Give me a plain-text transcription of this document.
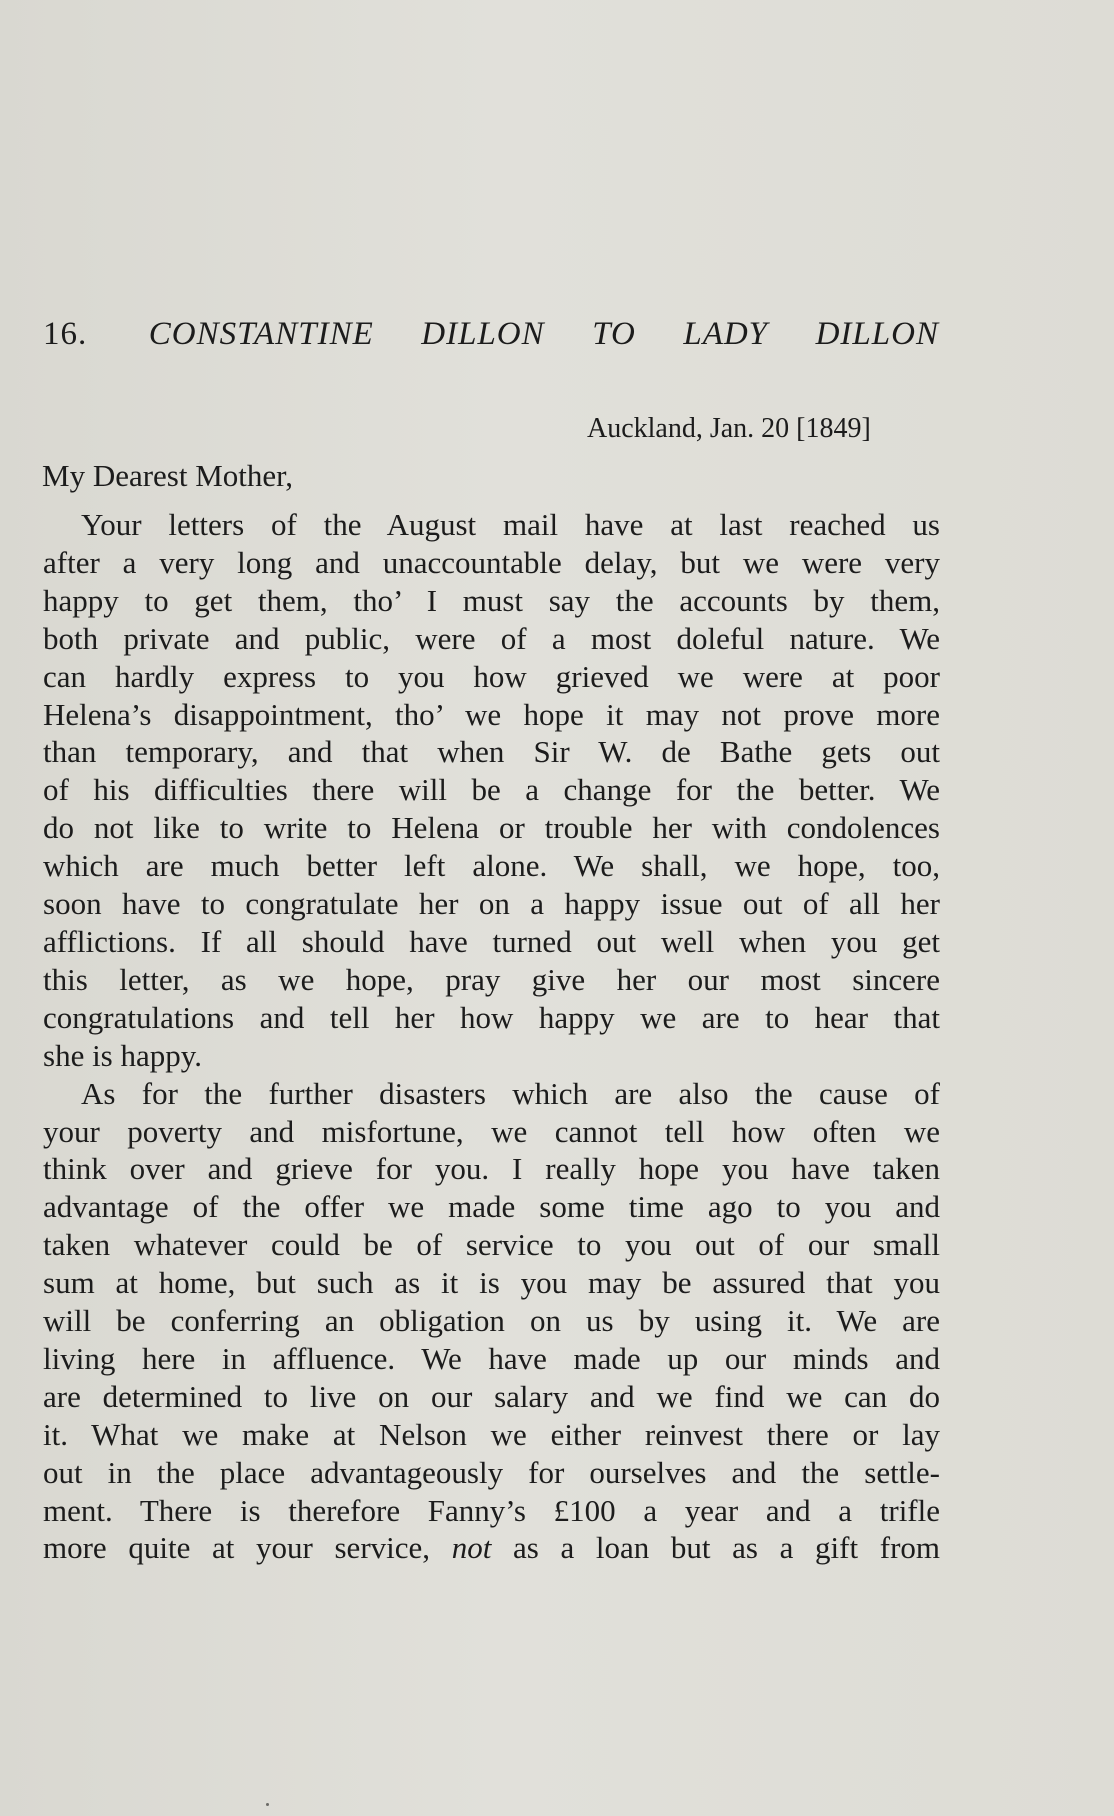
16. CONSTANTINE DILLON TO LADY DILLON
Auckland, Jan. 20 [1849]
My Dearest Mother,
Your letters of the August mail have at last reached us
after a very long and unaccountable delay, but we were very
happy to get them, tho’ I must say the accounts by them,
both private and public, were of a most doleful nature. We
can hardly express to you how grieved we were at poor
Helena’s disappointment, tho’ we hope it may not prove more
than temporary, and that when Sir W. de Bathe gets out
of his difficulties there will be a change for the better. We
do not like to write to Helena or trouble her with condolences
which are much better left alone. We shall, we hope, too,
soon have to congratulate her on a happy issue out of all her
afflictions. If all should have turned out well when you get
this letter, as we hope, pray give her our most sincere
congratulations and tell her how happy we are to hear that
she is happy.
As for the further disasters which are also the cause of
your poverty and misfortune, we cannot tell how often we
think over and grieve for you. I really hope you have taken
advantage of the offer we made some time ago to you and
taken whatever could be of service to you out of our small
sum at home, but such as it is you may be assured that you
will be conferring an obligation on us by using it. We are
living here in affluence. We have made up our minds and
are determined to live on our salary and we find we can do
it. What we make at Nelson we either reinvest there or lay
out in the place advantageously for ourselves and the settle-
ment. There is therefore Fanny’s £100 a year and a trifle
more quite at your service, not as a loan but as a gift from
